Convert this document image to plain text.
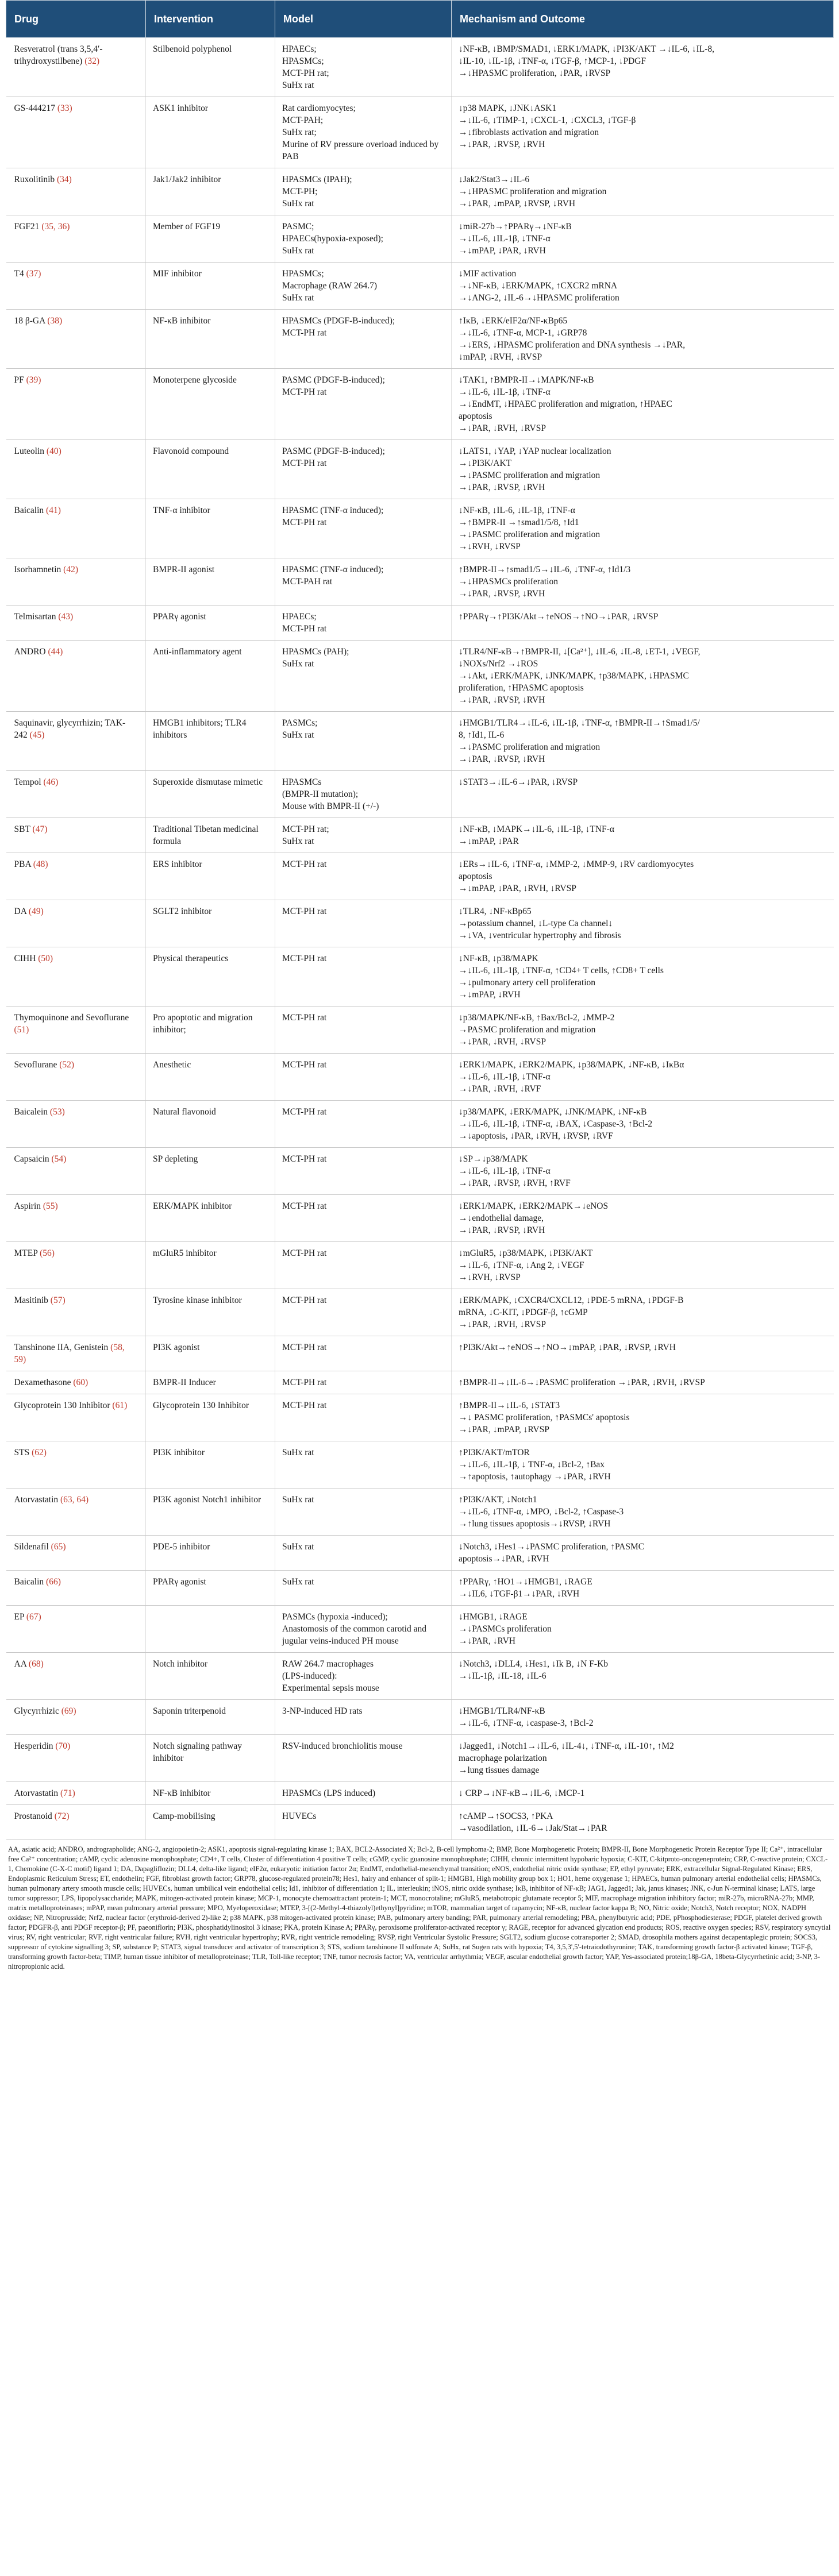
Drug	Intervention	Model	Mechanism and Outcome
Resveratrol (trans 3,5,4′-trihydroxystilbene) (32)	Stilbenoid polyphenol	HPAECs;
HPASMCs;
MCT-PH rat;
SuHx rat	↓NF-κB, ↓BMP/SMAD1, ↓ERK1/MAPK, ↓PI3K/AKT →↓IL-6, ↓IL-8,
↓IL-10, ↓IL-1β, ↓TNF-α, ↓TGF-β, ↑MCP-1, ↓PDGF
→↓HPASMC proliferation, ↓PAR, ↓RVSP

GS-444217 (33)	ASK1 inhibitor	Rat cardiomyocytes;
MCT-PAH;
SuHx rat;
Murine of RV pressure overload induced by PAB	↓p38 MAPK, ↓JNK↓ASK1
→↓IL-6, ↓TIMP-1, ↓CXCL-1, ↓CXCL3, ↓TGF-β
→↓fibroblasts activation and migration
→↓PAR, ↓RVSP, ↓RVH

Ruxolitinib (34)	Jak1/Jak2 inhibitor	HPASMCs (IPAH);
MCT-PH;
SuHx rat	↓Jak2/Stat3→↓IL-6
→↓HPASMC proliferation and migration
→↓PAR, ↓mPAP, ↓RVSP, ↓RVH

FGF21 (35, 36)	Member of FGF19	PASMC;
HPAECs(hypoxia-exposed);
SuHx rat	↓miR-27b→↑PPARγ→↓NF-κB
→↓IL-6, ↓IL-1β, ↓TNF-α
→↓mPAP, ↓PAR, ↓RVH

T4 (37)	MIF inhibitor	HPASMCs;
Macrophage (RAW 264.7)
SuHx rat	↓MIF activation
→↓NF-κB, ↓ERK/MAPK, ↑CXCR2 mRNA
→↓ANG-2, ↓IL-6→↓HPASMC proliferation

18 β-GA (38)	NF-κB inhibitor	HPASMCs (PDGF-B-induced);
MCT-PH rat	↑IκB, ↓ERK/eIF2α/NF-κBp65
→↓IL-6, ↓TNF-α, MCP-1, ↓GRP78
→↓ERS, ↓HPASMC proliferation and DNA synthesis →↓PAR,
↓mPAP, ↓RVH, ↓RVSP

PF (39)	Monoterpene glycoside	PASMC (PDGF-B-induced);
MCT-PH rat	↓TAK1, ↑BMPR-II→↓MAPK/NF-κB
→↓IL-6, ↓IL-1β, ↓TNF-α
→↓EndMT, ↓HPAEC proliferation and migration, ↑HPAEC
apoptosis
→↓PAR, ↓RVH, ↓RVSP

Luteolin (40)	Flavonoid compound	PASMC (PDGF-B-induced);
MCT-PH rat	↓LATS1, ↓YAP, ↓YAP nuclear localization
→↓PI3K/AKT
→↓PASMC proliferation and migration
→↓PAR, ↓RVSP, ↓RVH

Baicalin (41)	TNF-α inhibitor	HPASMC (TNF-α induced);
MCT-PH rat	↓NF-κB, ↓IL-6, ↓IL-1β, ↓TNF-α
→↑BMPR-II →↑smad1/5/8, ↑Id1
→↓PASMC proliferation and migration
→↓RVH, ↓RVSP

Isorhamnetin (42)	BMPR-II agonist	HPASMC (TNF-α induced);
MCT-PAH rat	↑BMPR-II→↑smad1/5→↓IL-6, ↓TNF-α, ↑Id1/3
→↓HPASMCs proliferation
→↓PAR, ↓RVSP, ↓RVH

Telmisartan (43)	PPARγ agonist	HPAECs;
MCT-PH rat	↑PPARγ→↑PI3K/Akt→↑eNOS→↑NO→↓PAR, ↓RVSP

ANDRO (44)	Anti-inflammatory agent	HPASMCs (PAH);
SuHx rat	↓TLR4/NF-κB→↑BMPR-II, ↓[Ca²⁺], ↓IL-6, ↓IL-8, ↓ET-1, ↓VEGF,
↓NOXs/Nrf2 →↓ROS
→↓Akt, ↓ERK/MAPK, ↓JNK/MAPK, ↑p38/MAPK, ↓HPASMC
proliferation, ↑HPASMC apoptosis
→↓PAR, ↓RVSP, ↓RVH

Saquinavir, glycyrrhizin; TAK-242 (45)	HMGB1 inhibitors; TLR4 inhibitors	PASMCs;
SuHx rat	↓HMGB1/TLR4→↓IL-6, ↓IL-1β, ↓TNF-α, ↑BMPR-II→↑Smad1/5/
8, ↑Id1, IL-6
→↓PASMC proliferation and migration
→↓PAR, ↓RVSP, ↓RVH

Tempol (46)	Superoxide dismutase mimetic	HPASMCs
(BMPR-II mutation);
Mouse with BMPR-II (+/-)	↓STAT3→↓IL-6→↓PAR, ↓RVSP

SBT (47)	Traditional Tibetan medicinal formula	MCT-PH rat;
SuHx rat	↓NF-κB, ↓MAPK→↓IL-6, ↓IL-1β, ↓TNF-α
→↓mPAP, ↓PAR

PBA (48)	ERS inhibitor	MCT-PH rat	↓ERs→↓IL-6, ↓TNF-α, ↓MMP-2, ↓MMP-9, ↓RV cardiomyocytes
apoptosis
→↓mPAP, ↓PAR, ↓RVH, ↓RVSP

DA (49)	SGLT2 inhibitor	MCT-PH rat	↓TLR4, ↓NF-κBp65
→potassium channel, ↓L-type Ca channel↓
→↓VA, ↓ventricular hypertrophy and fibrosis

CIHH (50)	Physical therapeutics	MCT-PH rat	↓NF-κB, ↓p38/MAPK
→↓IL-6, ↓IL-1β, ↓TNF-α, ↑CD4+ T cells, ↑CD8+ T cells
→↓pulmonary artery cell proliferation
→↓mPAP, ↓RVH

Thymoquinone and Sevoflurane (51)	Pro apoptotic and migration inhibitor;	MCT-PH rat	↓p38/MAPK/NF-κB, ↑Bax/Bcl-2, ↓MMP-2
→PASMC proliferation and migration
→↓PAR, ↓RVH, ↓RVSP

Sevoflurane (52)	Anesthetic	MCT-PH rat	↓ERK1/MAPK, ↓ERK2/MAPK, ↓p38/MAPK, ↓NF-κB, ↓IκBα
→↓IL-6, ↓IL-1β, ↓TNF-α
→↓PAR, ↓RVH, ↓RVF

Baicalein (53)	Natural flavonoid	MCT-PH rat	↓p38/MAPK, ↓ERK/MAPK, ↓JNK/MAPK, ↓NF-κB
→↓IL-6, ↓IL-1β, ↓TNF-α, ↓BAX, ↓Caspase-3, ↑Bcl-2
→↓apoptosis, ↓PAR, ↓RVH, ↓RVSP, ↓RVF

Capsaicin (54)	SP depleting	MCT-PH rat	↓SP→↓p38/MAPK
→↓IL-6, ↓IL-1β, ↓TNF-α
→↓PAR, ↓RVSP, ↓RVH, ↑RVF

Aspirin (55)	ERK/MAPK inhibitor	MCT-PH rat	↓ERK1/MAPK, ↓ERK2/MAPK→↓eNOS
→↓endothelial damage,
→↓PAR, ↓RVSP, ↓RVH

MTEP (56)	mGluR5 inhibitor	MCT-PH rat	↓mGluR5, ↓p38/MAPK, ↓PI3K/AKT
→↓IL-6, ↓TNF-α, ↓Ang 2, ↓VEGF
→↓RVH, ↓RVSP

Masitinib (57)	Tyrosine kinase inhibitor	MCT-PH rat	↓ERK/MAPK, ↓CXCR4/CXCL12, ↓PDE-5 mRNA, ↓PDGF-B
mRNA, ↓C-KIT, ↓PDGF-β, ↑cGMP
→↓PAR, ↓RVH, ↓RVSP

Tanshinone IIA, Genistein (58, 59)	PI3K agonist	MCT-PH rat	↑PI3K/Akt→↑eNOS→↑NO→↓mPAP, ↓PAR, ↓RVSP, ↓RVH

Dexamethasone (60)	BMPR-II Inducer	MCT-PH rat	↑BMPR-II→↓IL-6→↓PASMC proliferation →↓PAR, ↓RVH, ↓RVSP

Glycoprotein 130 Inhibitor (61)	Glycoprotein 130 Inhibitor	MCT-PH rat	↑BMPR-II→↓IL-6, ↓STAT3
→↓ PASMC proliferation, ↑PASMCs' apoptosis
→↓PAR, ↓mPAP, ↓RVSP

STS (62)	PI3K inhibitor	SuHx rat	↑PI3K/AKT/mTOR
→↓IL-6, ↓IL-1β, ↓ TNF-α, ↓Bcl-2, ↑Bax
→↑apoptosis, ↑autophagy →↓PAR, ↓RVH

Atorvastatin (63, 64)	PI3K agonist Notch1 inhibitor	SuHx rat	↑PI3K/AKT, ↓Notch1
→↓IL-6, ↓TNF-α, ↓MPO, ↓Bcl-2, ↑Caspase-3
→↑lung tissues apoptosis→↓RVSP, ↓RVH

Sildenafil (65)	PDE-5 inhibitor	SuHx rat	↓Notch3, ↓Hes1→↓PASMC proliferation, ↑PASMC
apoptosis→↓PAR, ↓RVH

Baicalin (66)	PPARγ agonist	SuHx rat	↑PPARγ, ↑HO1→↓HMGB1, ↓RAGE
→↓IL6, ↓TGF-β1→↓PAR, ↓RVH

EP (67)		PASMCs (hypoxia -induced);
Anastomosis of the common carotid and jugular veins-induced PH mouse	↓HMGB1, ↓RAGE
→↓PASMCs proliferation
→↓PAR, ↓RVH

AA (68)	Notch inhibitor	RAW 264.7 macrophages
(LPS-induced):
Experimental sepsis mouse	↓Notch3, ↓DLL4, ↓Hes1, ↓Ik B, ↓N F-Kb
→↓IL-1β, ↓IL-18, ↓IL-6

Glycyrrhizic (69)	Saponin triterpenoid	3-NP-induced HD rats	↓HMGB1/TLR4/NF-κB
→↓IL-6, ↓TNF-α, ↓caspase-3, ↑Bcl-2

Hesperidin (70)	Notch signaling pathway inhibitor	RSV-induced bronchiolitis mouse	↓Jagged1, ↓Notch1→↓IL-6, ↓IL-4↓, ↓TNF-α, ↓IL-10↑, ↑M2
macrophage polarization
→lung tissues damage

Atorvastatin (71)	NF-κB inhibitor	HPASMCs (LPS induced)	↓ CRP→↓NF-κB→↓IL-6, ↓MCP-1

Prostanoid (72)	Camp-mobilising	HUVECs	↑cAMP→↑SOCS3, ↑PKA
→vasodilation, ↓IL-6→↓Jak/Stat→↓PAR
AA, asiatic acid; ANDRO, andrographolide; ANG-2, angiopoietin-2; ASK1, apoptosis signal-regulating kinase 1; BAX, BCL2-Associated X; Bcl-2, B-cell lymphoma-2; BMP, Bone Morphogenetic Protein; BMPR-II, Bone Morphogenetic Protein Receptor Type II; Ca²⁺, intracellular free Ca²⁺ concentration; cAMP, cyclic adenosine monophosphate; CD4+, T cells, Cluster of differentiation 4 positive T cells; cGMP, cyclic guanosine monophosphate; CIHH, chronic intermittent hypobaric hypoxia; C-KIT, C-kitproto-oncogeneprotein; CRP, C-reactive protein; CXCL-1, Chemokine (C-X-C motif) ligand 1; DA, Dapagliflozin; DLL4, delta-like ligand; eIF2α, eukaryotic initiation factor 2α; EndMT, endothelial-mesenchymal transition; eNOS, endothelial nitric oxide synthase; EP, ethyl pyruvate; ERK, extracellular Signal-Regulated Kinase; ERS, Endoplasmic Reticulum Stress; ET, endothelin; FGF, fibroblast growth factor; GRP78, glucose-regulated protein78; Hes1, hairy and enhancer of split-1; HMGB1, High mobility group box 1; HO1, heme oxygenase 1; HPAECs, human pulmonary arterial endothelial cells; HPASMCs, human pulmonary artery smooth muscle cells; HUVECs, human umbilical vein endothelial cells; Id1, inhibitor of differentiation 1; IL, interleukin; iNOS, nitric oxide synthase; IκB, inhibitor of NF-κB; JAG1, Jagged1; Jak, janus kinases; JNK, c-Jun N-terminal kinase; LATS, large tumor suppressor; LPS, lipopolysaccharide; MAPK, mitogen-activated protein kinase; MCP-1, monocyte chemoattractant protein-1; MCT, monocrotaline; mGluR5, metabotropic glutamate receptor 5; MIF, macrophage migration inhibitory factor; miR-27b, microRNA-27b; MMP, matrix metalloproteinases; mPAP, mean pulmonary arterial pressure; MPO, Myeloperoxidase; MTEP, 3-[(2-Methyl-4-thiazolyl)ethynyl]pyridine; mTOR, mammalian target of rapamycin; NF-κB, nuclear factor kappa B; NO, Nitric oxide; Notch3, Notch receptor; NOX, NADPH oxidase; NP, Nitroprusside; Nrf2, nuclear factor (erythroid-derived 2)-like 2; p38 MAPK, p38 mitogen-activated protein kinase; PAB, pulmonary artery banding; PAR, pulmonary arterial remodeling; PBA, phenylbutyric acid; PDE, pPhosphodiesterase; PDGF, platelet derived growth factor; PDGFR-β, anti PDGF receptor-β; PF, paeoniflorin; PI3K, phosphatidylinositol 3 kinase; PKA, protein Kinase A; PPARγ, peroxisome proliferator-activated receptor γ; RAGE, receptor for advanced glycation end products; ROS, reactive oxygen species; RSV, respiratory syncytial virus; RV, right ventricular; RVF, right ventricular failure; RVH, right ventricular hypertrophy; RVR, right ventricle remodeling; RVSP, right Ventricular Systolic Pressure; SGLT2, sodium glucose cotransporter 2; SMAD, drosophila mothers against decapentaplegic protein; SOCS3, suppressor of cytokine signalling 3; SP, substance P; STAT3, signal transducer and activator of transcription 3; STS, sodium tanshinone II sulfonate A; SuHx, rat Sugen rats with hypoxia; T4, 3,5,3',5'-tetraiodothyronine; TAK, transforming growth factor-β activated kinase; TGF-β, transforming growth factor-beta; TIMP, human tissue inhibitor of metalloproteinase; TLR, Toll-like receptor; TNF, tumor necrosis factor; VA, ventricular arrhythmia; VEGF, ascular endothelial growth factor; YAP, Yes-associated protein;18β-GA, 18beta-Glycyrrhetinic acid; 3-NP, 3-nitropropionic acid.
